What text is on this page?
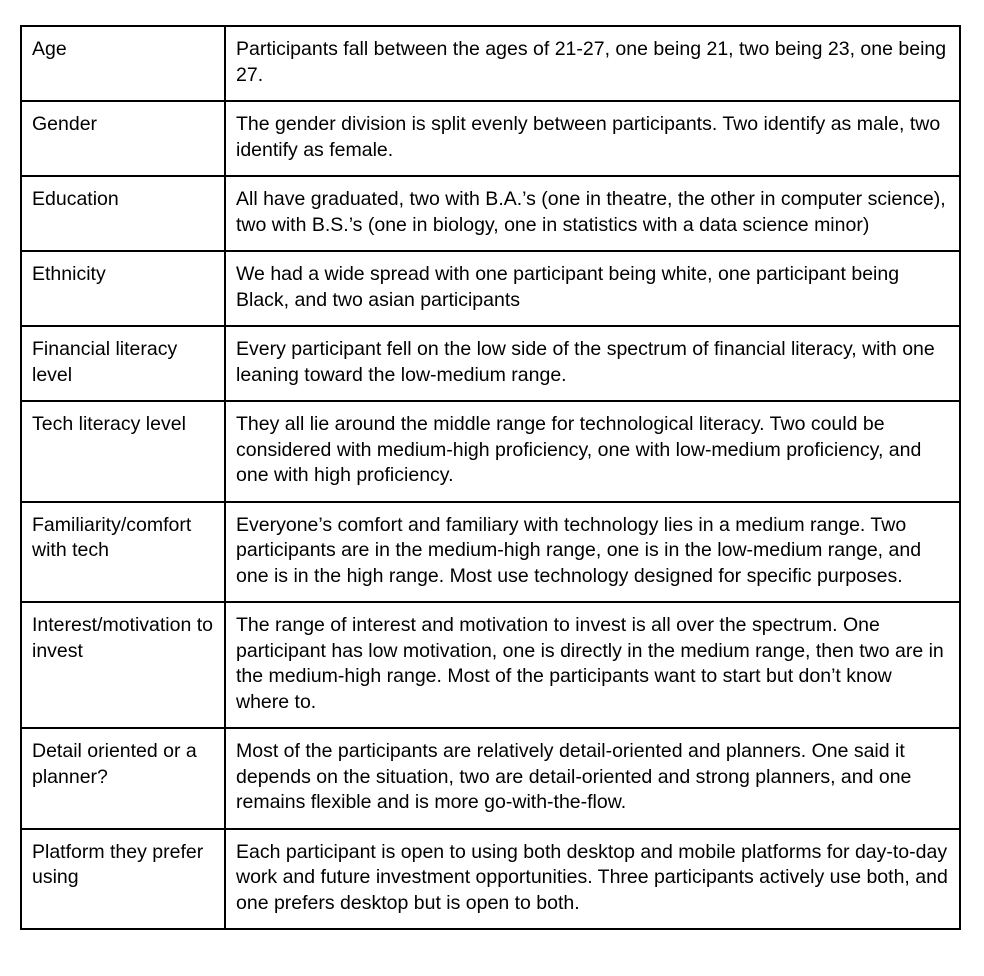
Age	Participants fall between the ages of 21-27, one being 21, two being 23, one being 27.
Gender	The gender division is split evenly between participants. Two identify as male, two identify as female.
Education	All have graduated, two with B.A.’s (one in theatre, the other in computer science), two with B.S.’s (one in biology, one in statistics with a data science minor)
Ethnicity	We had a wide spread with one participant being white, one participant being Black, and two asian participants
Financial literacy level	Every participant fell on the low side of the spectrum of financial literacy, with one leaning toward the low-medium range.
Tech literacy level	They all lie around the middle range for technological literacy. Two could be considered with medium-high proficiency, one with low-medium proficiency, and one with high proficiency.
Familiarity/comfort with tech	Everyone’s comfort and familiary with technology lies in a medium range. Two participants are in the medium-high range, one is in the low-medium range, and one is in the high range. Most use technology designed for specific purposes.
Interest/motivation to invest	The range of interest and motivation to invest is all over the spectrum. One participant has low motivation, one is directly in the medium range, then two are in the medium-high range. Most of the participants want to start but don’t know where to.
Detail oriented or a planner?	Most of the participants are relatively detail-oriented and planners. One said it depends on the situation, two are detail-oriented and strong planners, and one remains flexible and is more go-with-the-flow.
Platform they prefer using	Each participant is open to using both desktop and mobile platforms for day-to-day work and future investment opportunities. Three participants actively use both, and one prefers desktop but is open to both.
